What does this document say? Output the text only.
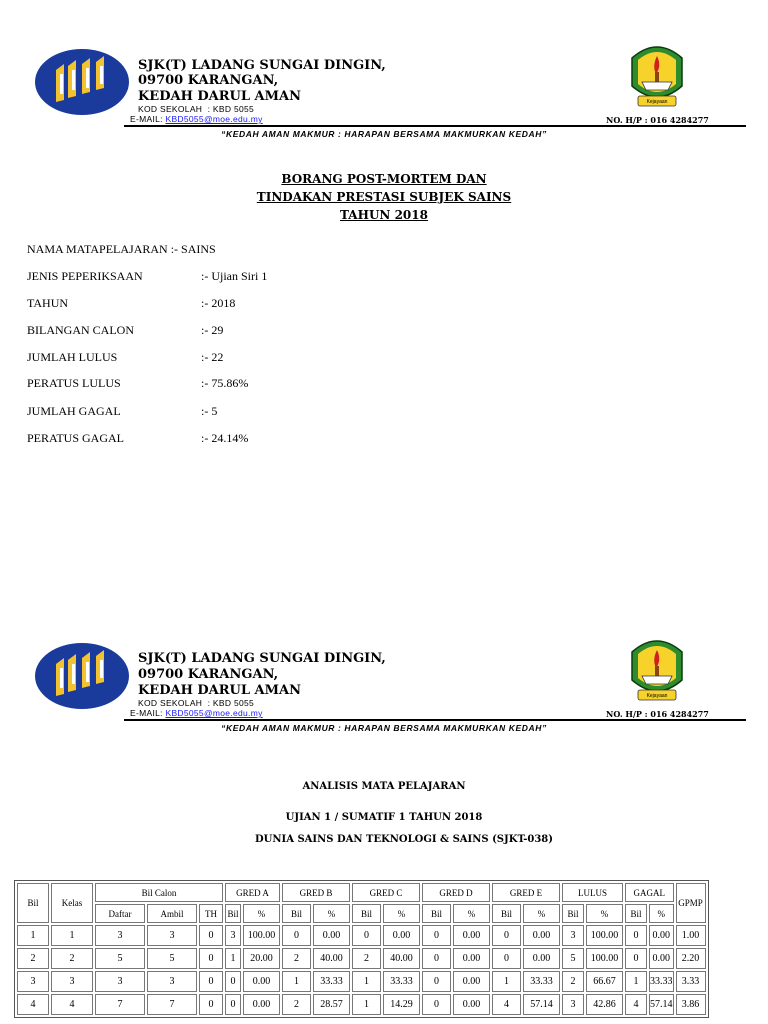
SJK(T) LADANG SUNGAI DINGIN,
09700 KARANGAN,
KEDAH DARUL AMAN
KOD SEKOLAH : KBD 5055
E-MAIL: KBD5055@moe.edu.my	NO. H/P : 016 4284277
Kejayaan
“KEDAH AMAN MAKMUR : HARAPAN BERSAMA MAKMURKAN KEDAH”
BORANG POST-MORTEM DAN
TINDAKAN PRESTASI SUBJEK SAINS
TAHUN 2018
NAMA MATAPELAJARAN :- SAINS
JENIS PEPERIKSAAN	:- Ujian Siri 1
TAHUN	:- 2018
BILANGAN CALON	:- 29
JUMLAH LULUS	:- 22
PERATUS LULUS	:- 75.86%
JUMLAH GAGAL	:- 5
PERATUS GAGAL	:- 24.14%
SJK(T) LADANG SUNGAI DINGIN,
09700 KARANGAN,
KEDAH DARUL AMAN
KOD SEKOLAH : KBD 5055
E-MAIL: KBD5055@moe.edu.my	NO. H/P : 016 4284277
Kejayaan
“KEDAH AMAN MAKMUR : HARAPAN BERSAMA MAKMURKAN KEDAH”
ANALISIS MATA PELAJARAN
UJIAN 1 / SUMATIF 1 TAHUN 2018
DUNIA SAINS DAN TEKNOLOGI & SAINS (SJKT-038)
Bil	Kelas	Bil Calon			GRED A		GRED B		GRED C		GRED D		GRED E		LULUS		GAGAL		GPMP
		Daftar	Ambil	TH	Bil	%	Bil	%	Bil	%	Bil	%	Bil	%	Bil	%	Bil	%	
1	1	3	3	0	3	100.00	0	0.00	0	0.00	0	0.00	0	0.00	3	100.00	0	0.00	1.00
2	2	5	5	0	1	20.00	2	40.00	2	40.00	0	0.00	0	0.00	5	100.00	0	0.00	2.20
3	3	3	3	0	0	0.00	1	33.33	1	33.33	0	0.00	1	33.33	2	66.67	1	33.33	3.33
4	4	7	7	0	0	0.00	2	28.57	1	14.29	0	0.00	4	57.14	3	42.86	4	57.14	3.86
